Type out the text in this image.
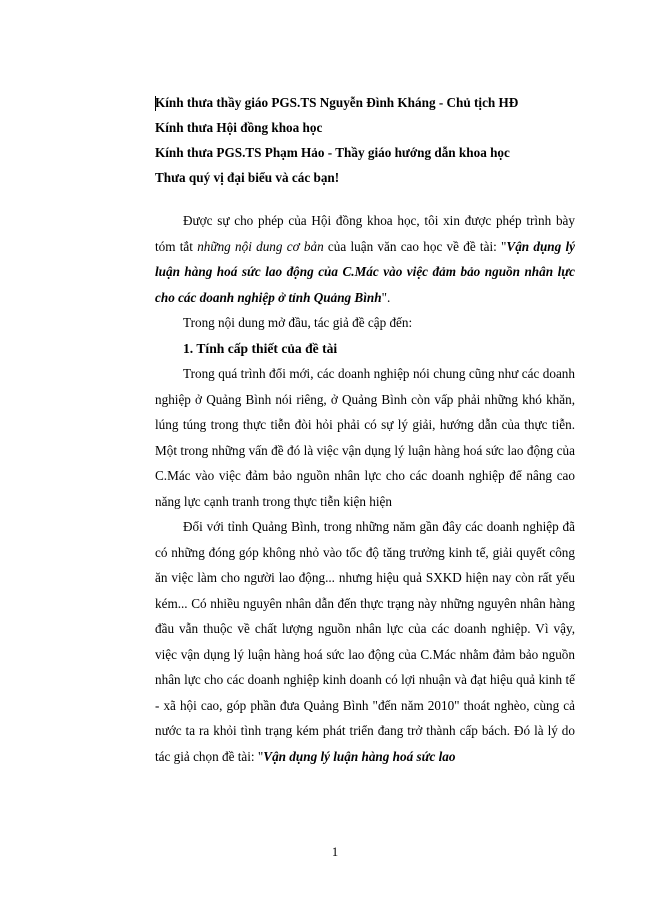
Kính thưa thầy giáo PGS.TS Nguyễn Đình Kháng - Chủ tịch HĐ
Kính thưa Hội đồng khoa học
Kính thưa PGS.TS Phạm Hảo - Thầy giáo hướng dẫn khoa học
Thưa quý vị đại biểu và các bạn!

Được sự cho phép của Hội đồng khoa học, tôi xin được phép trình bày tóm tắt những nội dung cơ bản của luận văn cao học về đề tài: "Vận dụng lý luận hàng hoá sức lao động của C.Mác vào việc đảm bảo nguồn nhân lực cho các doanh nghiệp ở tỉnh Quảng Bình".

Trong nội dung mở đầu, tác giả đề cập đến:

1. Tính cấp thiết của đề tài

Trong quá trình đổi mới, các doanh nghiệp nói chung cũng như các doanh nghiệp ở Quảng Bình nói riêng, ở Quảng Bình còn vấp phải những khó khăn, lúng túng trong thực tiễn đòi hỏi phải có sự lý giải, hướng dẫn của thực tiễn. Một trong những vấn đề đó là việc vận dụng lý luận hàng hoá sức lao động của C.Mác vào việc đảm bảo nguồn nhân lực cho các doanh nghiệp để nâng cao năng lực cạnh tranh trong thực tiễn kiện hiện

Đối với tỉnh Quảng Bình, trong những năm gần đây các doanh nghiệp đã có những đóng góp không nhỏ vào tốc độ tăng trưởng kinh tế, giải quyết công ăn việc làm cho người lao động... nhưng hiệu quả SXKD hiện nay còn rất yếu kém... Có nhiều nguyên nhân dẫn đến thực trạng này những nguyên nhân hàng đầu vẫn thuộc về chất lượng nguồn nhân lực của các doanh nghiệp. Vì vậy, việc vận dụng lý luận hàng hoá sức lao động của C.Mác nhằm đảm bảo nguồn nhân lực cho các doanh nghiệp kinh doanh có lợi nhuận và đạt hiệu quả kinh tế - xã hội cao, góp phần đưa Quảng Bình "đến năm 2010" thoát nghèo, cùng cả nước ta ra khỏi tình trạng kém phát triển đang trở thành cấp bách. Đó là lý do tác giả chọn đề tài: "Vận dụng lý luận hàng hoá sức lao

1
